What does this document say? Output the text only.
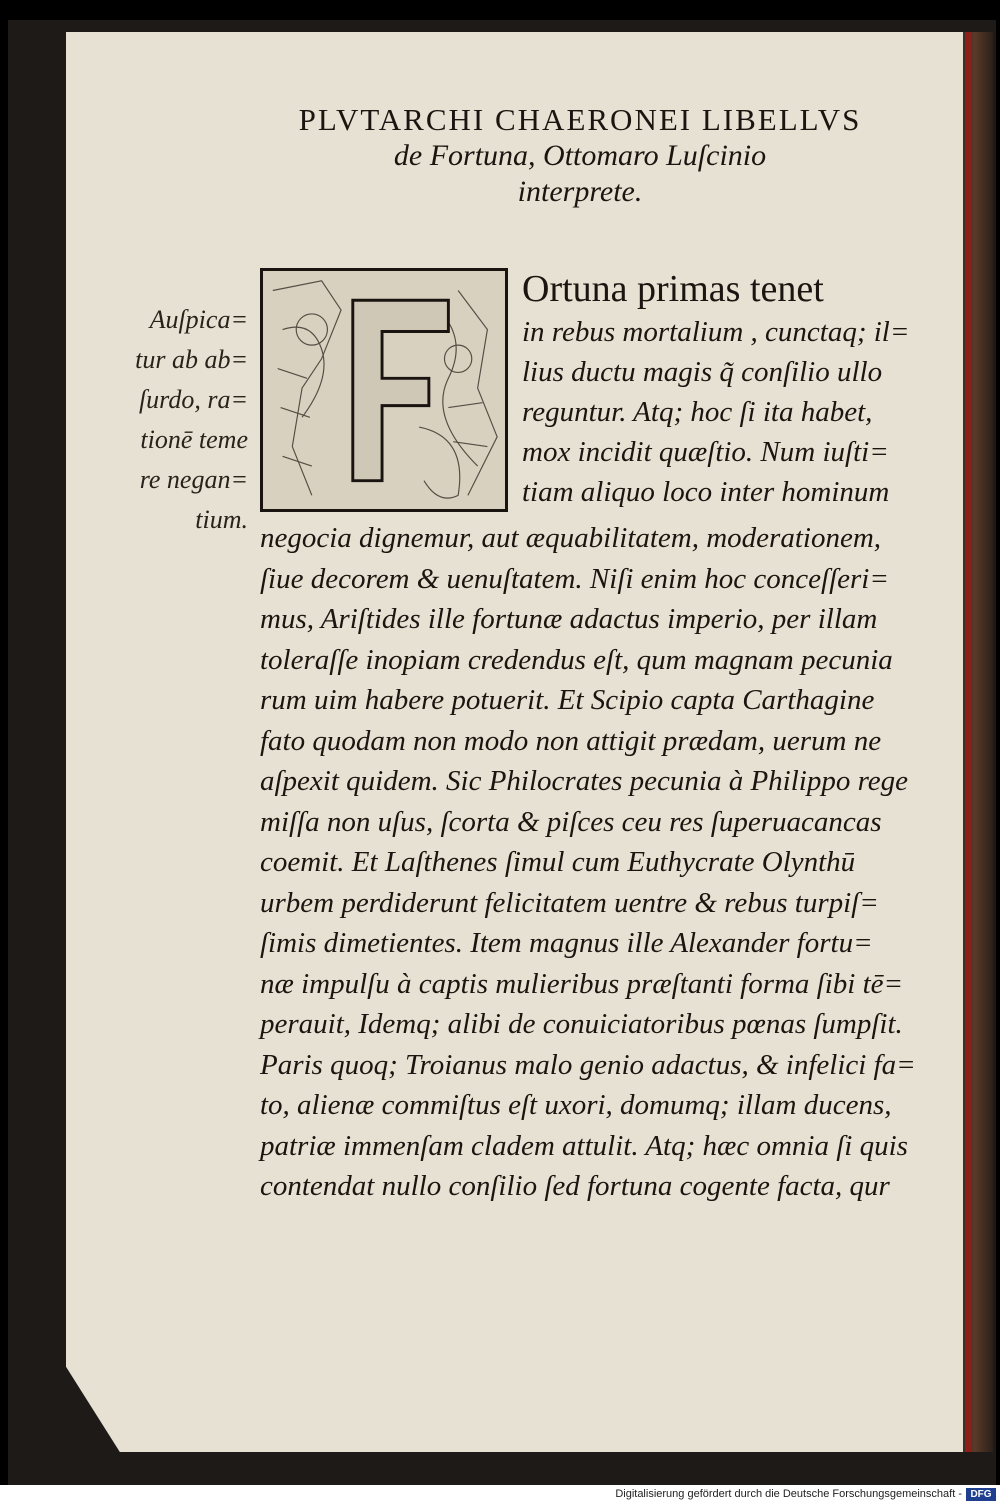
PLVTARCHI CHAERONEI LIBELLVS
de Fortuna, Ottomaro Luſcinio
interprete.
Auſpica=
tur ab ab=
ſurdo, ra=
tionē teme
re negan=
tium.
Ortuna primas tenet
in rebus mortalium , cunctaq; il=
lius ductu magis q̃ conſilio ullo
reguntur. Atq; hoc ſi ita habet,
mox incidit quæſtio. Num iuſti=
tiam aliquo loco inter hominum
negocia dignemur, aut æquabilitatem, moderationem,
ſiue decorem & uenuſtatem. Niſi enim hoc conceſſeri=
mus, Ariſtides ille fortunæ adactus imperio, per illam
toleraſſe inopiam credendus eſt, qum magnam pecunia
rum uim habere potuerit. Et Scipio capta Carthagine
fato quodam non modo non attigit prædam, uerum ne
aſpexit quidem. Sic Philocrates pecunia à Philippo rege
miſſa non uſus, ſcorta & piſces ceu res ſuperuacancas
coemit. Et Laſthenes ſimul cum Euthycrate Olynthū
urbem perdiderunt felicitatem uentre & rebus turpiſ=
ſimis dimetientes. Item magnus ille Alexander fortu=
næ impulſu à captis mulieribus præſtanti forma ſibi tē=
perauit, Idemq; alibi de conuiciatoribus pœnas ſumpſit.
Paris quoq; Troianus malo genio adactus, & infelici fa=
to, alienæ commiſtus eſt uxori, domumq; illam ducens,
patriæ immenſam cladem attulit. Atq; hæc omnia ſi quis
contendat nullo conſilio ſed fortuna cogente facta, qur
Digitalisierung gefördert durch die Deutsche Forschungsgemeinschaft - DFG
